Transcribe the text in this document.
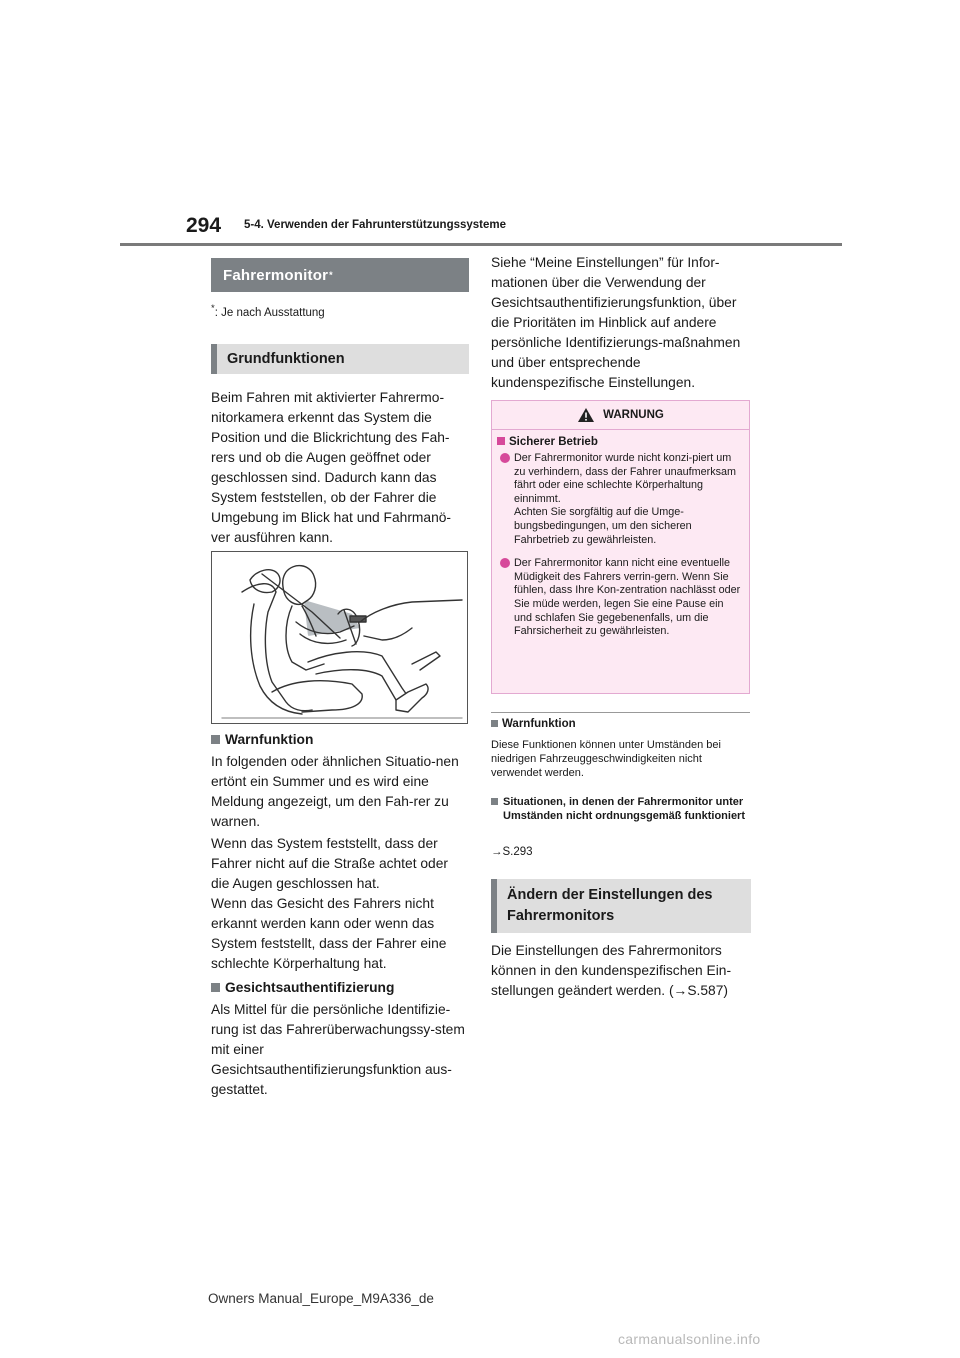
294 5-4. Verwenden der Fahrunterstützungssysteme
Fahrermonitor *
*: Je nach Ausstattung
Grundfunktionen

Beim Fahren mit aktivierter Fahrermo-nitorkamera erkennt das System die Position und die Blickrichtung des Fah-rers und ob die Augen geöffnet oder geschlossen sind. Dadurch kann das System feststellen, ob der Fahrer die Umgebung im Blick hat und Fahrmanö-ver ausführen kann.

Warnfunktion

In folgenden oder ähnlichen Situatio-nen ertönt ein Summer und es wird eine Meldung angezeigt, um den Fah-rer zu warnen.

Wenn das System feststellt, dass der Fahrer nicht auf die Straße achtet oder die Augen geschlossen hat.

Wenn das Gesicht des Fahrers nicht erkannt werden kann oder wenn das System feststellt, dass der Fahrer eine schlechte Körperhaltung hat.

Gesichtsauthentifizierung

Als Mittel für die persönliche Identifizie-rung ist das Fahrerüberwachungssy-stem mit einer Gesichtsauthentifizierungsfunktion aus-gestattet.

Siehe “Meine Einstellungen” für Infor-mationen über die Verwendung der Gesichtsauthentifizierungsfunktion, über die Prioritäten im Hinblick auf andere persönliche Identifizierungs-maßnahmen und über entsprechende kundenspezifische Einstellungen.

WARNUNG
Sicherer Betrieb
Der Fahrermonitor wurde nicht konzi-piert um zu verhindern, dass der Fahrer unaufmerksam fährt oder eine schlechte Körperhaltung einnimmt.
Achten Sie sorgfältig auf die Umge-bungsbedingungen, um den sicheren Fahrbetrieb zu gewährleisten.
Der Fahrermonitor kann nicht eine eventuelle Müdigkeit des Fahrers verrin-gern. Wenn Sie fühlen, dass Ihre Kon-zentration nachlässt oder Sie müde werden, legen Sie eine Pause ein und schlafen Sie gegebenenfalls, um die Fahrsicherheit zu gewährleisten.
Warnfunktion
Diese Funktionen können unter Umständen bei niedrigen Fahrzeuggeschwindigkeiten nicht verwendet werden.
Situationen, in denen der Fahrermonitor unter Umständen nicht ordnungsgemäß funktioniert
→S.293
Ändern der Einstellungen des Fahrermonitors

Die Einstellungen des Fahrermonitors können in den kundenspezifischen Ein-stellungen geändert werden. (→S.587)

Owners Manual_Europe_M9A336_de
carmanualsonline.info
